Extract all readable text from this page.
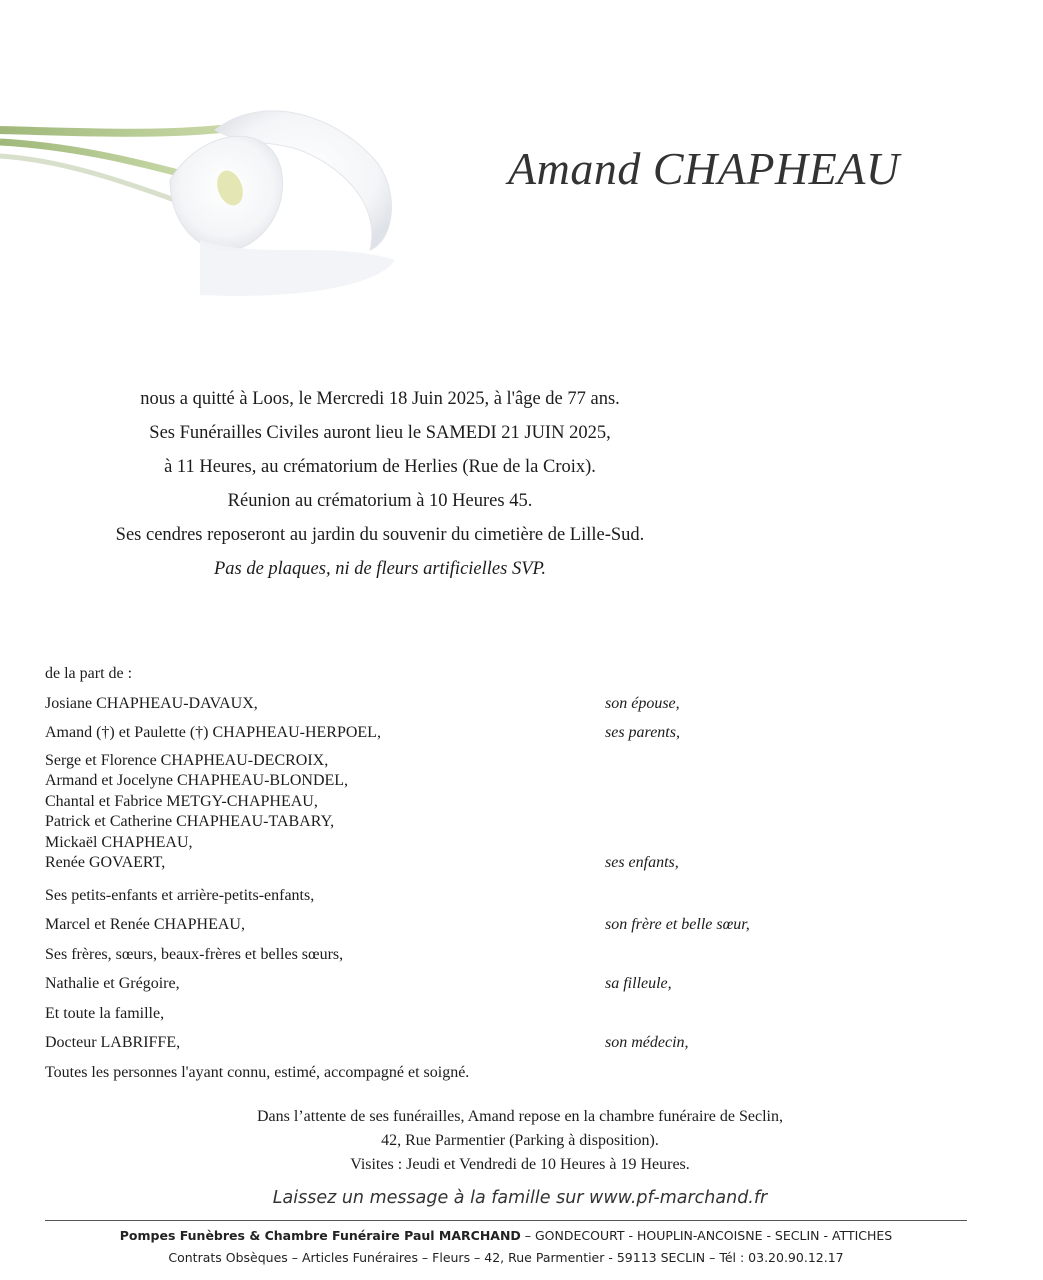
Amand CHAPHEAU
nous a quitté à Loos, le Mercredi 18 Juin 2025, à l'âge de 77 ans.
Ses Funérailles Civiles auront lieu le SAMEDI 21 JUIN 2025,
à 11 Heures, au crématorium de Herlies (Rue de la Croix).
Réunion au crématorium à 10 Heures 45.
Ses cendres reposeront au jardin du souvenir du cimetière de Lille-Sud.
Pas de plaques, ni de fleurs artificielles SVP.
de la part de :
Josiane CHAPHEAU-DAVAUX,	son épouse,
Amand (†) et Paulette (†) CHAPHEAU-HERPOEL,	ses parents,
Serge et Florence CHAPHEAU-DECROIX,
Armand et Jocelyne CHAPHEAU-BLONDEL,
Chantal et Fabrice METGY-CHAPHEAU,
Patrick et Catherine CHAPHEAU-TABARY,
Mickaël CHAPHEAU,
Renée GOVAERT,	ses enfants,
Ses petits-enfants et arrière-petits-enfants,
Marcel et Renée CHAPHEAU,	son frère et belle sœur,
Ses frères, sœurs, beaux-frères et belles sœurs,
Nathalie et Grégoire,	sa filleule,
Et toute la famille,
Docteur LABRIFFE,	son médecin,
Toutes les personnes l'ayant connu, estimé, accompagné et soigné.
Dans l’attente de ses funérailles, Amand repose en la chambre funéraire de Seclin,
42, Rue Parmentier (Parking à disposition).
Visites : Jeudi et Vendredi de 10 Heures à 19 Heures.
Laissez un message à la famille sur www.pf-marchand.fr
Pompes Funèbres & Chambre Funéraire Paul MARCHAND – GONDECOURT - HOUPLIN-ANCOISNE - SECLIN - ATTICHES
Contrats Obsèques – Articles Funéraires – Fleurs – 42, Rue Parmentier - 59113 SECLIN – Tél : 03.20.90.12.17
